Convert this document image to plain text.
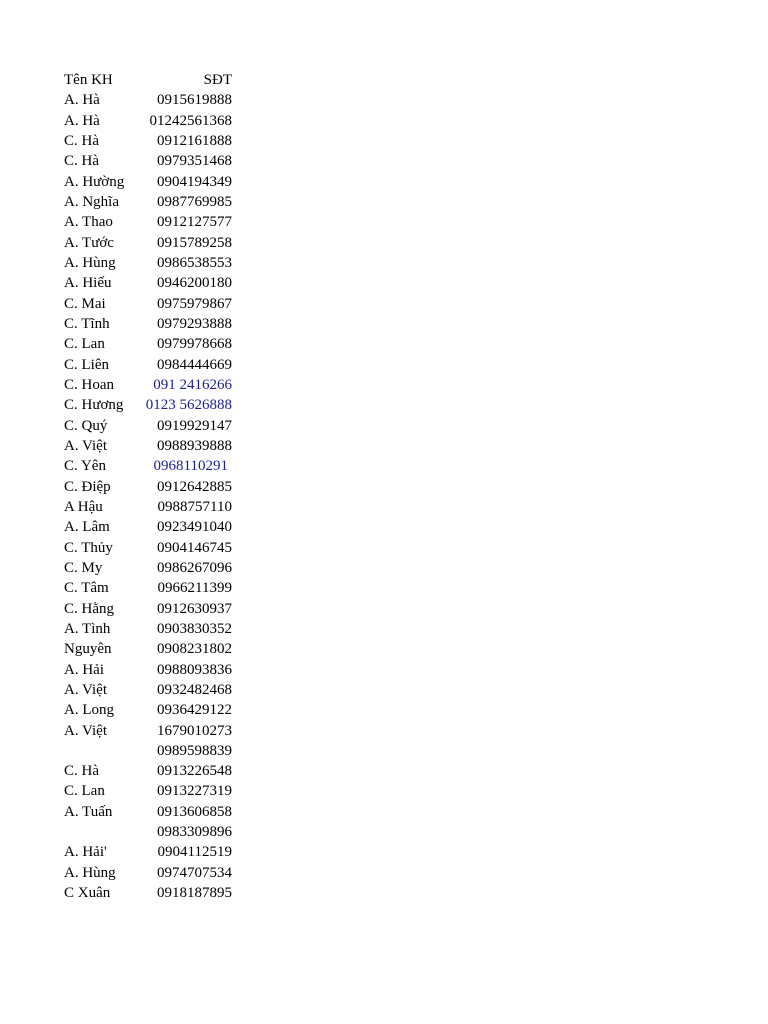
Tên KH	SĐT
A. Hà	0915619888
A. Hà	01242561368
C. Hà	0912161888
C. Hà	0979351468
A. Hường 0904194349
A. Nghĩa	0987769985
A. Thao	0912127577
A. Tước	0915789258
A. Hùng	0986538553
A. Hiếu	0946200180
C. Mai	0975979867
C. Tĩnh	0979293888
C. Lan	0979978668
C. Liên	0984444669
C. Hoan	091 2416266
C. Hương 0123 5626888
C. Quý	0919929147
A. Việt	0988939888
C. Yên	0968110291
C. Điệp	0912642885
A Hậu	0988757110
A. Lâm	0923491040
C. Thủy	0904146745
C. My	0986267096
C. Tâm	0966211399
C. Hằng	0912630937
A. Tình	0903830352
Nguyên	0908231802
A. Hải	0988093836
A. Việt	0932482468
A. Long	0936429122
A. Việt	1679010273
0989598839
C. Hà	0913226548
C. Lan	0913227319
A. Tuấn	0913606858
0983309896
A. Hải'	0904112519
A. Hùng	0974707534
C Xuân	0918187895
